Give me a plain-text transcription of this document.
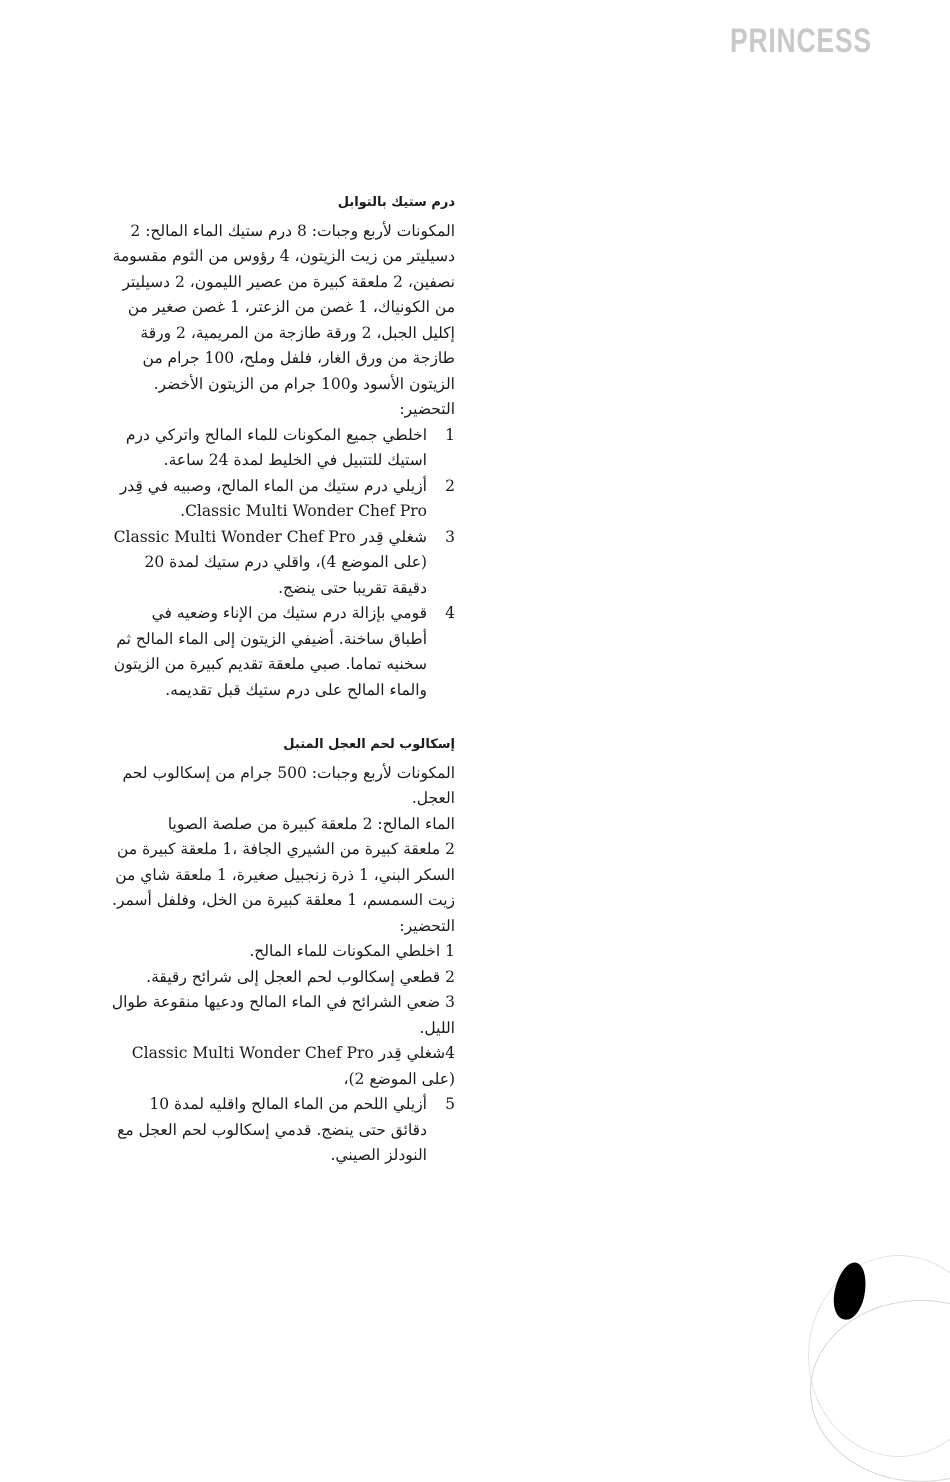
PRINCESS
درم ستيك بالتوابل

المكونات لأربع وجبات: 8 درم ستيك الماء المالح: 2 دسيليتر من زيت الزيتون، 4 رؤوس من الثوم مقسومة نصفين، 2 ملعقة كبيرة من عصير الليمون، 2 دسيليتر من الكونياك، 1 غصن من الزعتر، 1 غصن صغير من إكليل الجبل، 2 ورقة طازجة من المريمية، 2 ورقة طازجة من ورق الغار، فلفل وملح، 100 جرام من الزيتون الأسود و100 جرام من الزيتون الأخضر.

التحضير:

1
اخلطي جميع المكونات للماء المالح واتركي درم استيك للتتبيل في الخليط لمدة 24 ساعة.
2
أزيلي درم ستيك من الماء المالح، وصبيه في قِدر Classic Multi Wonder Chef Pro.
3
شغلي قِدر Classic Multi Wonder Chef Pro (على الموضع 4)، واقلي درم ستيك لمدة 20 دقيقة تقريبا حتى ينضج.
4
قومي بإزالة درم ستيك من الإناء وضعيه في أطباق ساخنة. أضيفي الزيتون إلى الماء المالح ثم سخنيه تماما. صبي ملعقة تقديم كبيرة من الزيتون والماء المالح على درم ستيك قبل تقديمه.
إسكالوب لحم العجل المتبل

المكونات لأربع وجبات: 500 جرام من إسكالوب لحم العجل.

الماء المالح: 2 ملعقة كبيرة من صلصة الصويا

2 ملعقة كبيرة من الشيري الجافة ،1 ملعقة كبيرة من السكر البني، 1 ذرة زنجبيل صغيرة، 1 ملعقة شاي من زيت السمسم، 1 معلقة كبيرة من الخل، وفلفل أسمر.

التحضير:

1 اخلطي المكونات للماء المالح.

2 قطعي إسكالوب لحم العجل إلى شرائح رقيقة.

3 ضعي الشرائح في الماء المالح ودعيها منقوعة طوال الليل.

4شغلي قِدر Classic Multi Wonder Chef Pro (على الموضع 2)،

5
أزيلي اللحم من الماء المالح واقليه لمدة 10 دقائق حتى ينضج. قدمي إسكالوب لحم العجل مع النودلز الصيني.
